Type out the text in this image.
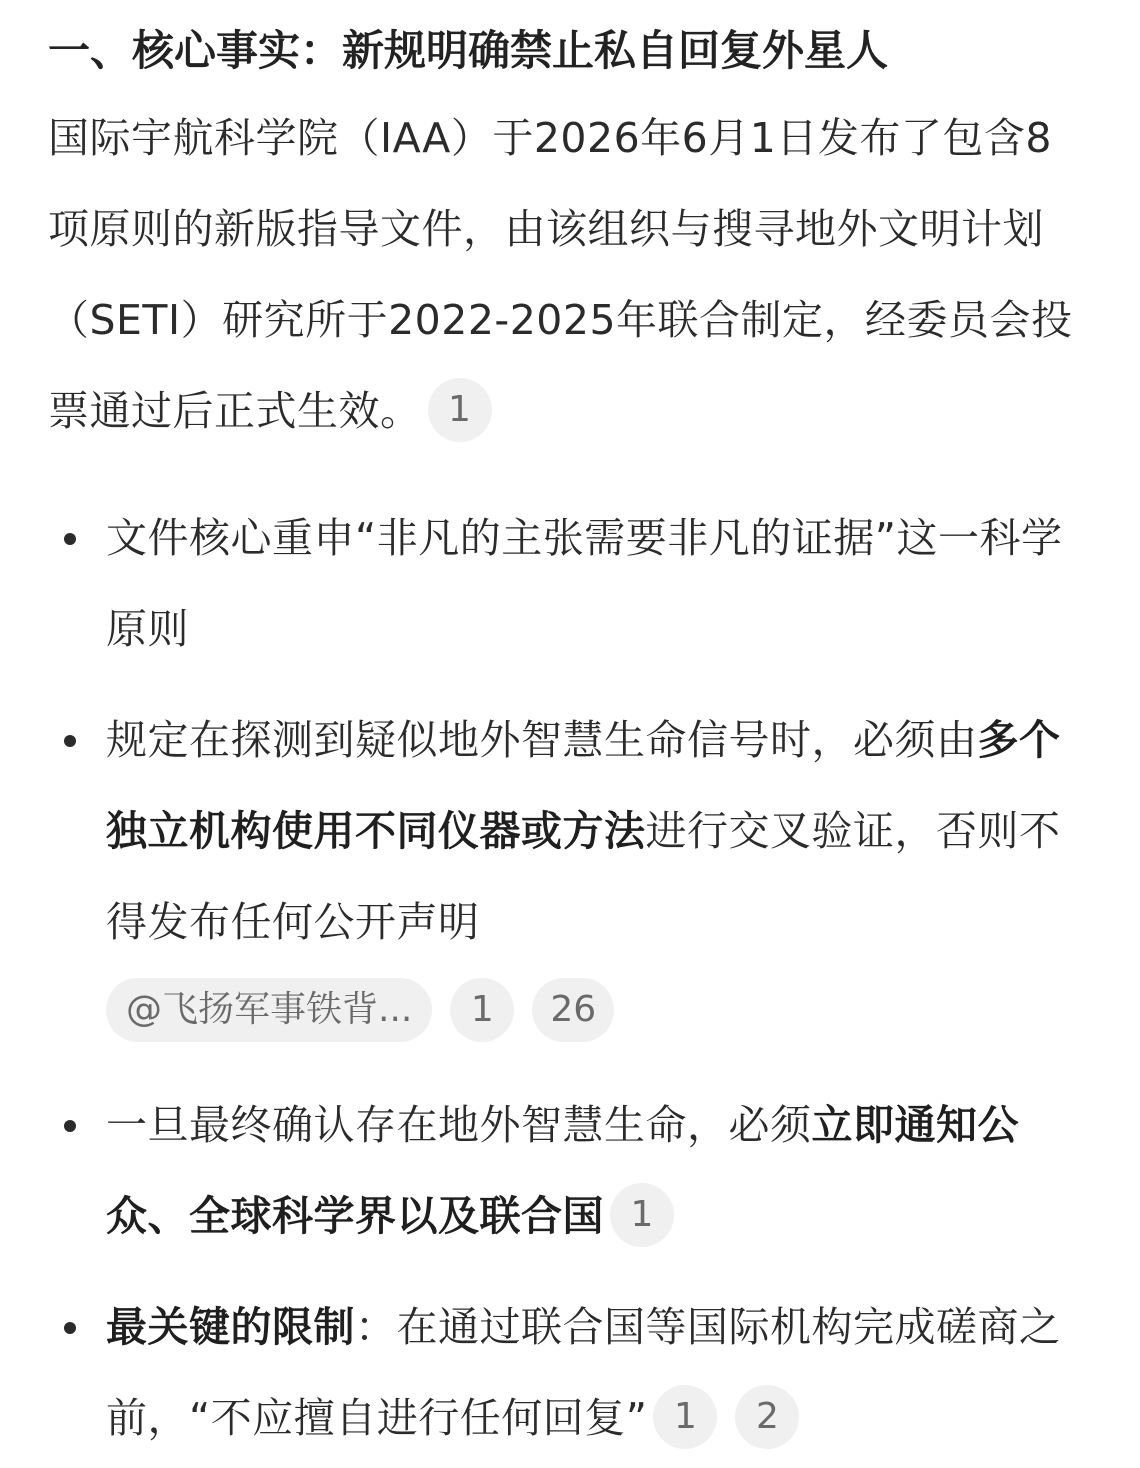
一、核心事实：新规明确禁止私自回复外星人

国际宇航科学院（IAA）于2026年6月1日发布了包含8项原则的新版指导文件，由该组织与搜寻地外文明计划（SETI）研究所于2022-2025年联合制定，经委员会投票通过后正式生效。 1

文件核心重申“非凡的主张需要非凡的证据”这一科学原则
规定在探测到疑似地外智慧生命信号时，必须由多个独立机构使用不同仪器或方法进行交叉验证，否则不得发布任何公开声明
@飞扬军事铁背...	1	26
一旦最终确认存在地外智慧生命，必须立即通知公众、全球科学界以及联合国 1
最关键的限制：在通过联合国等国际机构完成磋商之前，“不应擅自进行任何回复” 1 2
